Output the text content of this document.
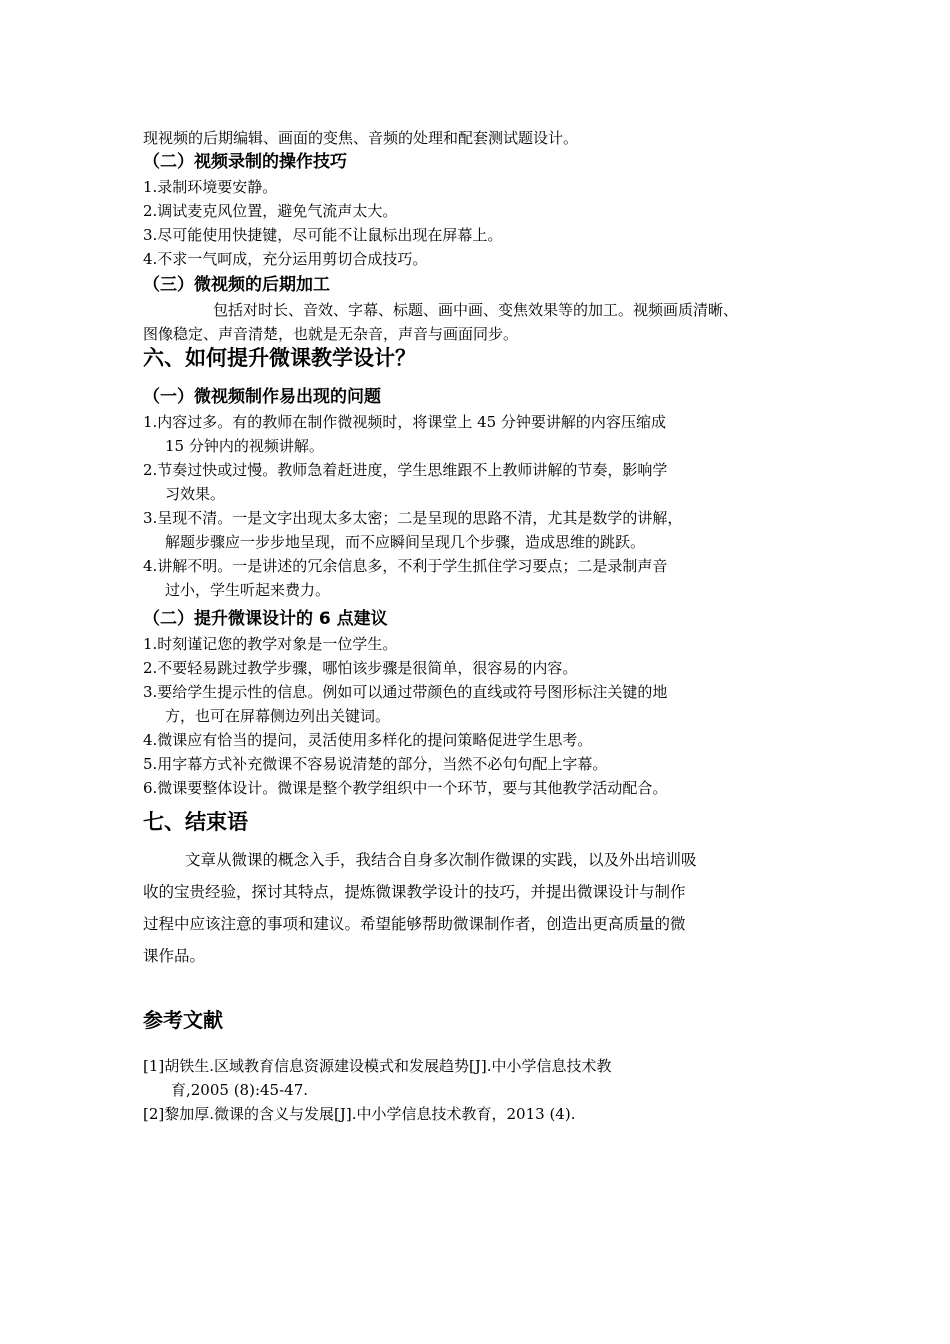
现视频的后期编辑、画面的变焦、音频的处理和配套测试题设计。
（二）视频录制的操作技巧
1.录制环境要安静。
2.调试麦克风位置，避免气流声太大。
3.尽可能使用快捷键，尽可能不让鼠标出现在屏幕上。
4.不求一气呵成，充分运用剪切合成技巧。
（三）微视频的后期加工
包括对时长、音效、字幕、标题、画中画、变焦效果等的加工。视频画质清晰、
图像稳定、声音清楚，也就是无杂音，声音与画面同步。
六、如何提升微课教学设计？
（一）微视频制作易出现的问题
1.内容过多。有的教师在制作微视频时，将课堂上 45 分钟要讲解的内容压缩成
15 分钟内的视频讲解。
2.节奏过快或过慢。教师急着赶进度，学生思维跟不上教师讲解的节奏，影响学
习效果。
3.呈现不清。一是文字出现太多太密；二是呈现的思路不清，尤其是数学的讲解，
解题步骤应一步步地呈现，而不应瞬间呈现几个步骤，造成思维的跳跃。
4.讲解不明。一是讲述的冗余信息多，不利于学生抓住学习要点；二是录制声音
过小，学生听起来费力。
（二）提升微课设计的 6 点建议
1.时刻谨记您的教学对象是一位学生。
2.不要轻易跳过教学步骤，哪怕该步骤是很简单，很容易的内容。
3.要给学生提示性的信息。例如可以通过带颜色的直线或符号图形标注关键的地
方，也可在屏幕侧边列出关键词。
4.微课应有恰当的提问，灵活使用多样化的提问策略促进学生思考。
5.用字幕方式补充微课不容易说清楚的部分，当然不必句句配上字幕。
6.微课要整体设计。微课是整个教学组织中一个环节，要与其他教学活动配合。
七、结束语
文章从微课的概念入手，我结合自身多次制作微课的实践，以及外出培训吸
收的宝贵经验，探讨其特点，提炼微课教学设计的技巧，并提出微课设计与制作
过程中应该注意的事项和建议。希望能够帮助微课制作者，创造出更高质量的微
课作品。
参考文献
[1]胡铁生.区域教育信息资源建设模式和发展趋势[J].中小学信息技术教
育,2005 (8):45-47.
[2]黎加厚.微课的含义与发展[J].中小学信息技术教育，2013 (4).
